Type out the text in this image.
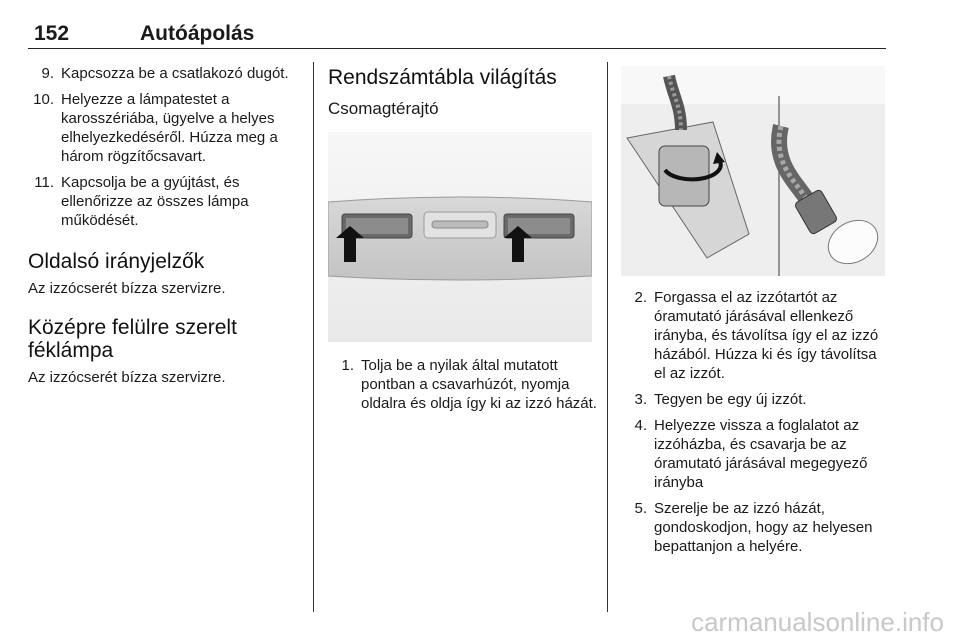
152	Autóápolás
9. Kapcsozza be a csatlakozó dugót.
10. Helyezze a lámpatestet a karosszériába, ügyelve a helyes elhelyezkedéséről. Húzza meg a három rögzítőcsavart.
11. Kapcsolja be a gyújtást, és ellenőrizze az összes lámpa működését.
Oldalsó irányjelzők

Az izzócserét bízza szervizre.

Középre felülre szerelt féklámpa

Az izzócserét bízza szervizre.

Rendszámtábla világítás
Csomagtérajtó
1. Tolja be a nyilak által mutatott pontban a csavarhúzót, nyomja oldalra és oldja így ki az izzó házát.
2. Forgassa el az izzótartót az óramutató járásával ellenkező irányba, és távolítsa így el az izzó házából. Húzza ki és így távolítsa el az izzót.
3. Tegyen be egy új izzót.
4. Helyezze vissza a foglalatot az izzóházba, és csavarja be az óramutató járásával megegyező irányba
5. Szerelje be az izzó házát, gondoskodjon, hogy az helyesen bepattanjon a helyére.
carmanualsonline.info
